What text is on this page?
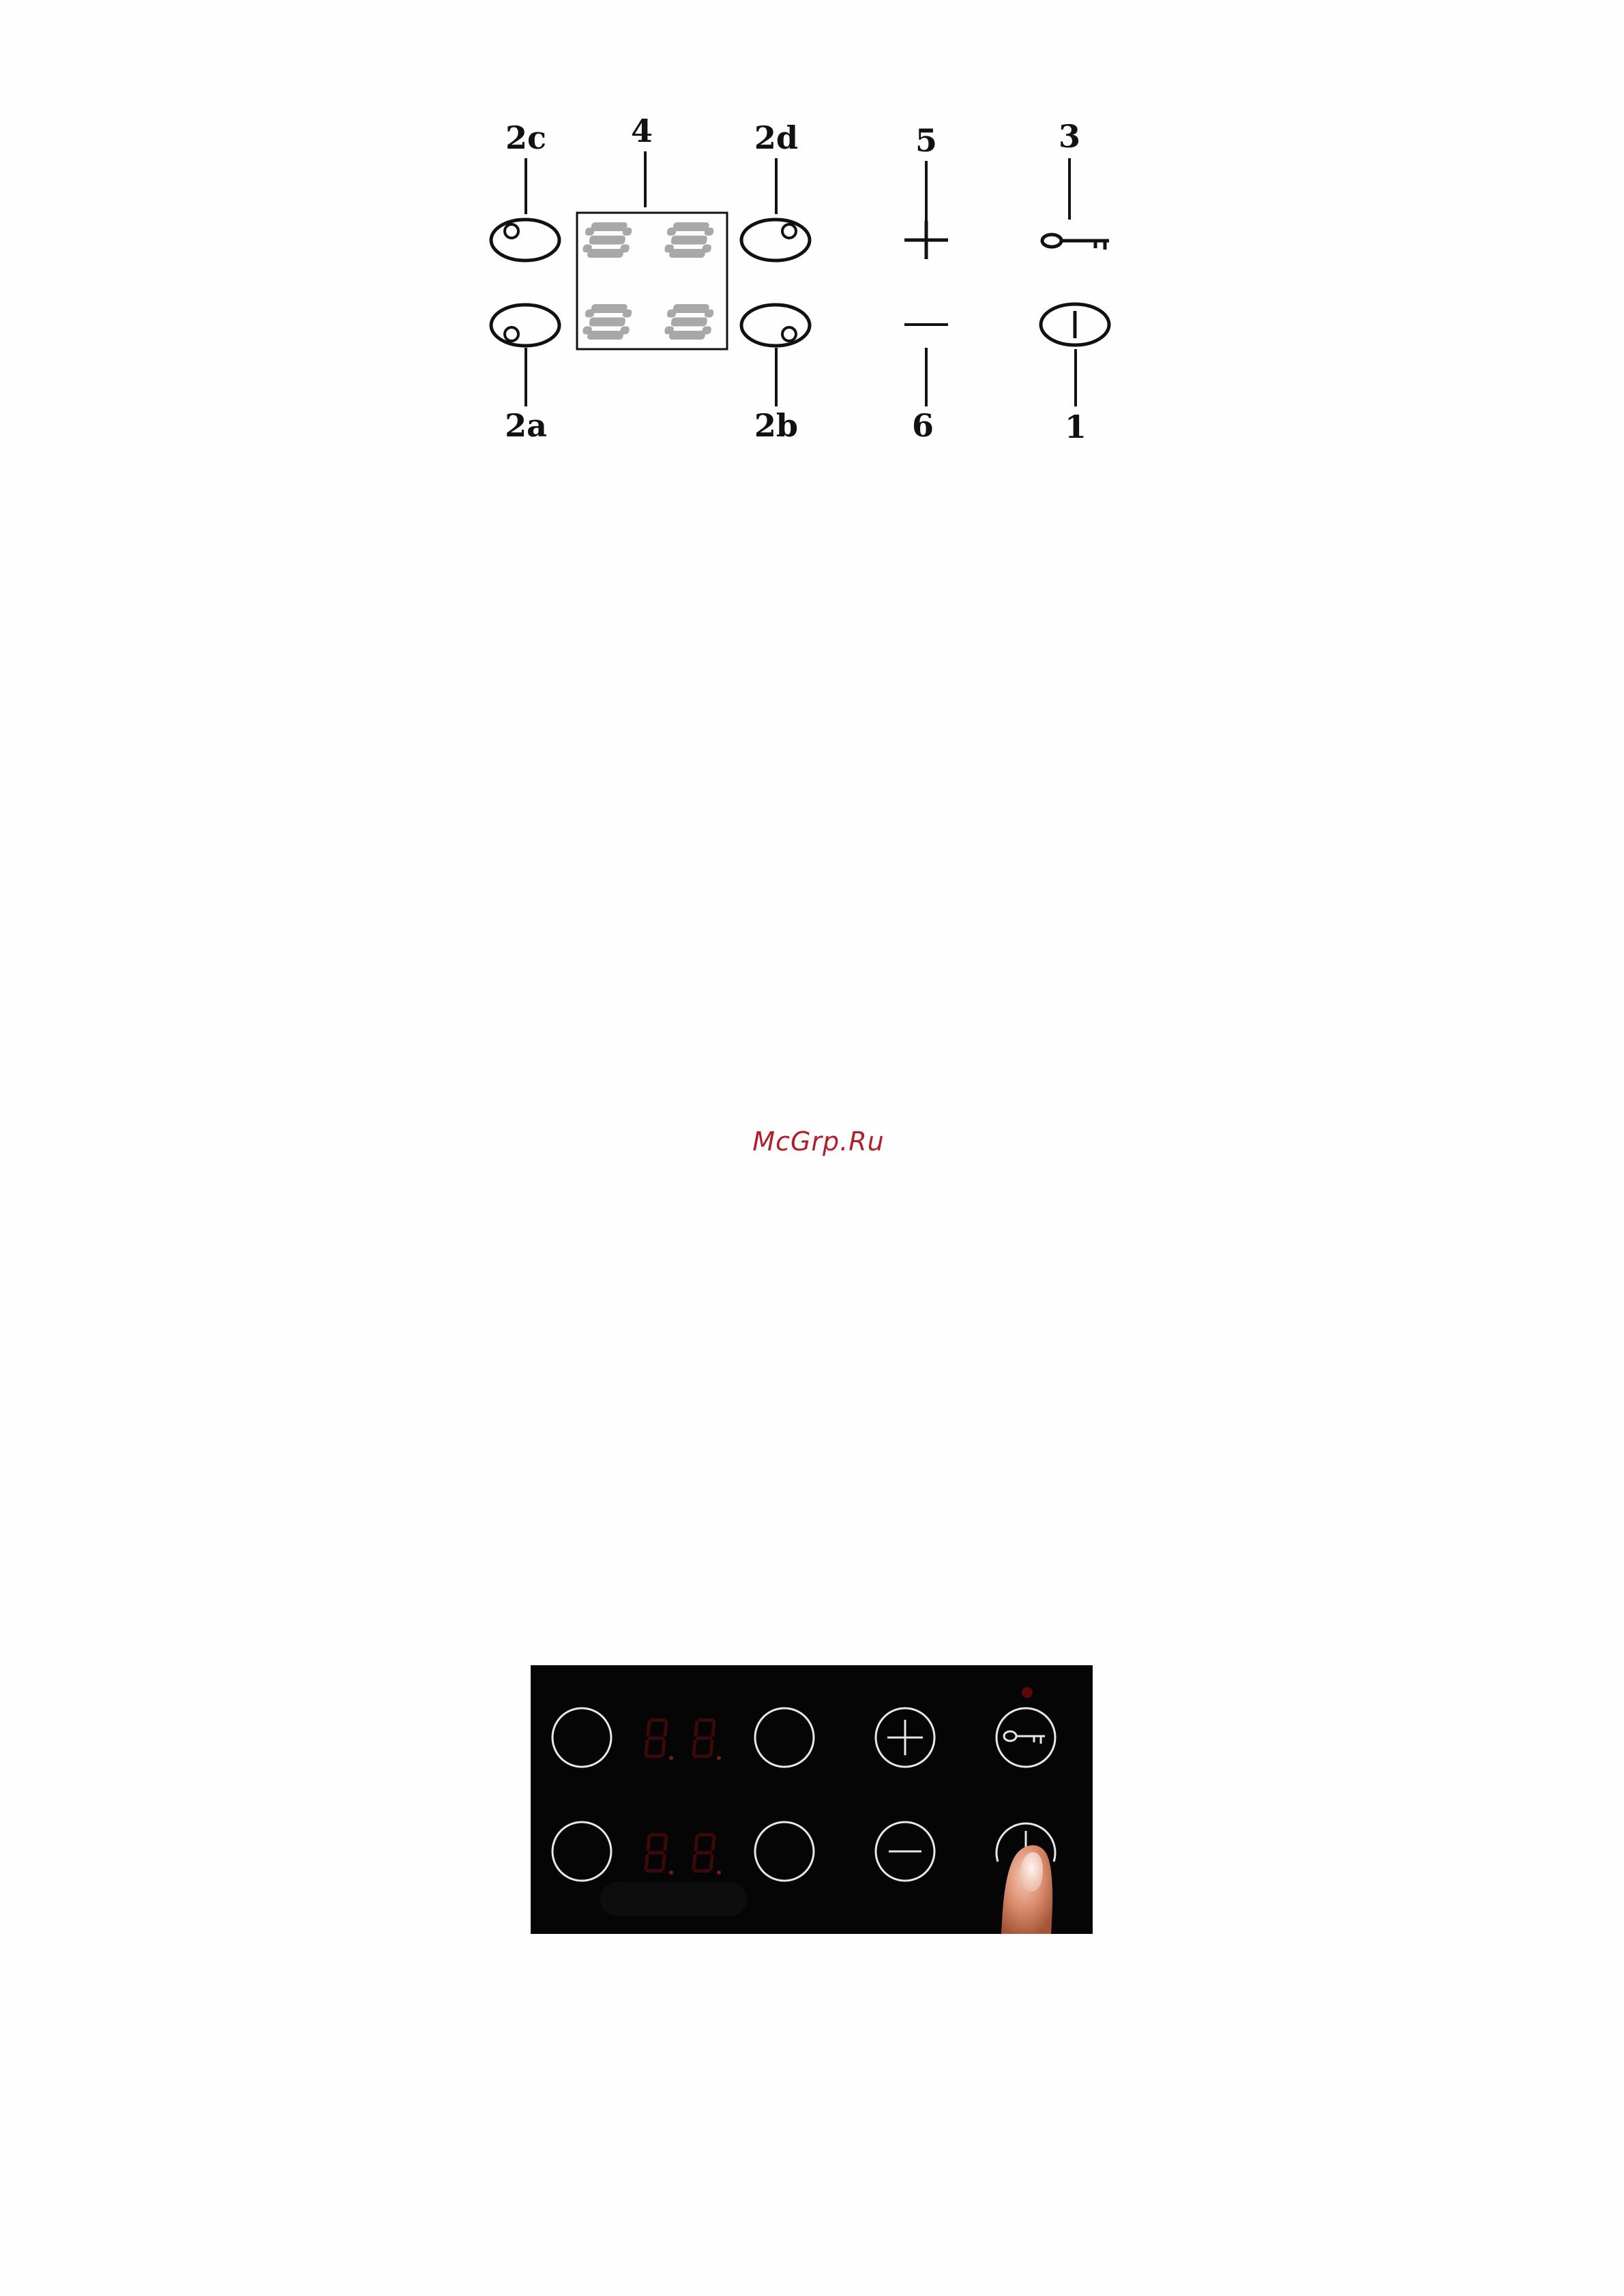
2c	4	2d	5	3
2a	2b	6	1
McGrp.Ru
